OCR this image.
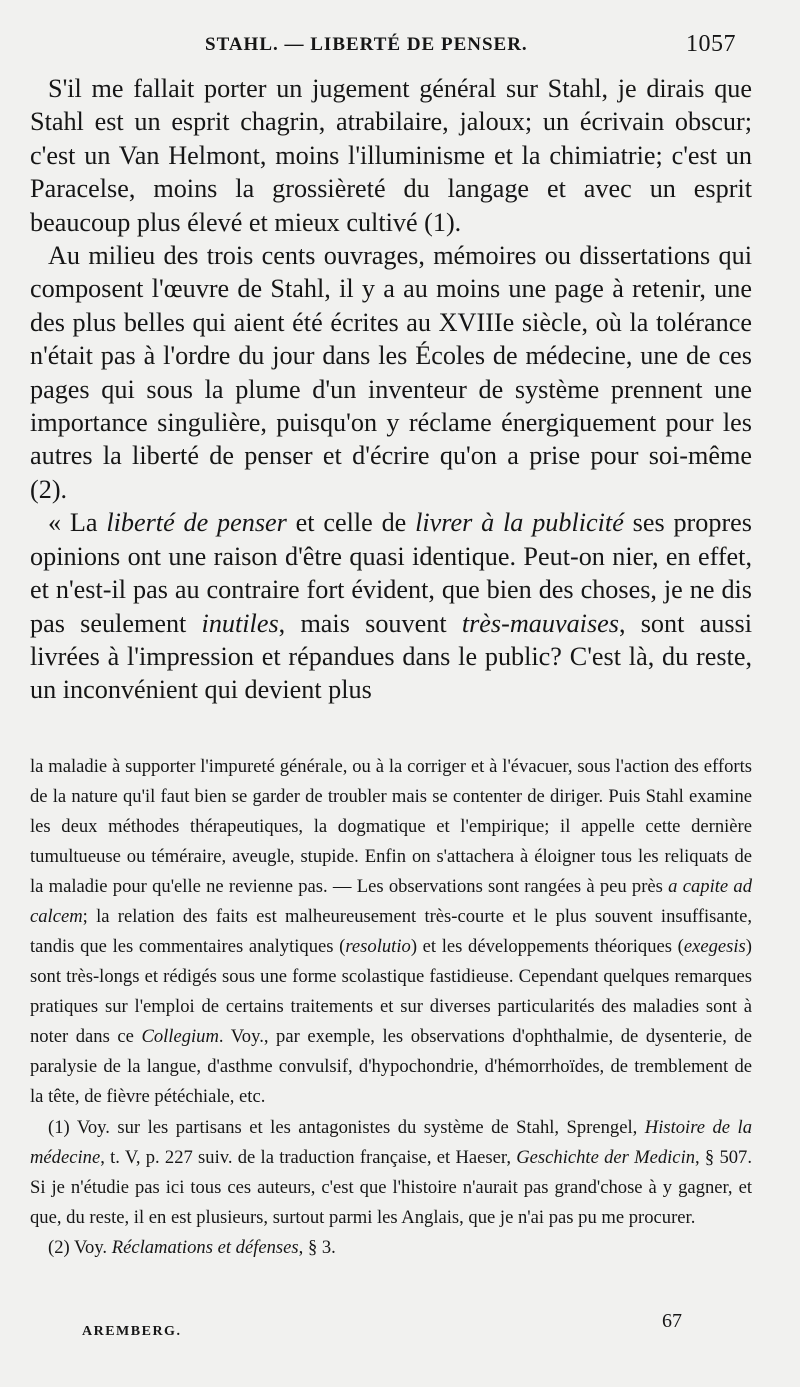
STAHL. — LIBERTÉ DE PENSER.	1057

S'il me fallait porter un jugement général sur Stahl, je dirais que Stahl est un esprit chagrin, atrabilaire, jaloux; un écrivain obscur; c'est un Van Helmont, moins l'illuminisme et la chimiatrie; c'est un Paracelse, moins la grossièreté du langage et avec un esprit beaucoup plus élevé et mieux cultivé (1).

Au milieu des trois cents ouvrages, mémoires ou dissertations qui composent l'œuvre de Stahl, il y a au moins une page à retenir, une des plus belles qui aient été écrites au XVIIIe siècle, où la tolérance n'était pas à l'ordre du jour dans les Écoles de médecine, une de ces pages qui sous la plume d'un inventeur de système prennent une importance singulière, puisqu'on y réclame énergiquement pour les autres la liberté de penser et d'écrire qu'on a prise pour soi-même (2).

« La liberté de penser et celle de livrer à la publicité ses propres opinions ont une raison d'être quasi identique. Peut-on nier, en effet, et n'est-il pas au contraire fort évident, que bien des choses, je ne dis pas seulement inutiles, mais souvent très-mauvaises, sont aussi livrées à l'impression et répandues dans le public? C'est là, du reste, un inconvénient qui devient plus

la maladie à supporter l'impureté générale, ou à la corriger et à l'évacuer, sous l'action des efforts de la nature qu'il faut bien se garder de troubler mais se contenter de diriger. Puis Stahl examine les deux méthodes thérapeutiques, la dogmatique et l'empirique; il appelle cette dernière tumultueuse ou téméraire, aveugle, stupide. Enfin on s'attachera à éloigner tous les reliquats de la maladie pour qu'elle ne revienne pas. — Les observations sont rangées à peu près a capite ad calcem; la relation des faits est malheureusement très-courte et le plus souvent insuffisante, tandis que les commentaires analytiques (resolutio) et les développements théoriques (exegesis) sont très-longs et rédigés sous une forme scolastique fastidieuse. Cependant quelques remarques pratiques sur l'emploi de certains traitements et sur diverses particularités des maladies sont à noter dans ce Collegium. Voy., par exemple, les observations d'ophthalmie, de dysenterie, de paralysie de la langue, d'asthme convulsif, d'hypochondrie, d'hémorrhoïdes, de tremblement de la tête, de fièvre pétéchiale, etc.

(1) Voy. sur les partisans et les antagonistes du système de Stahl, Sprengel, Histoire de la médecine, t. V, p. 227 suiv. de la traduction française, et Haeser, Geschichte der Medicin, § 507. Si je n'étudie pas ici tous ces auteurs, c'est que l'histoire n'aurait pas grand'chose à y gagner, et que, du reste, il en est plusieurs, surtout parmi les Anglais, que je n'ai pas pu me procurer.

(2) Voy. Réclamations et défenses, § 3.

AREMBERG.	67
